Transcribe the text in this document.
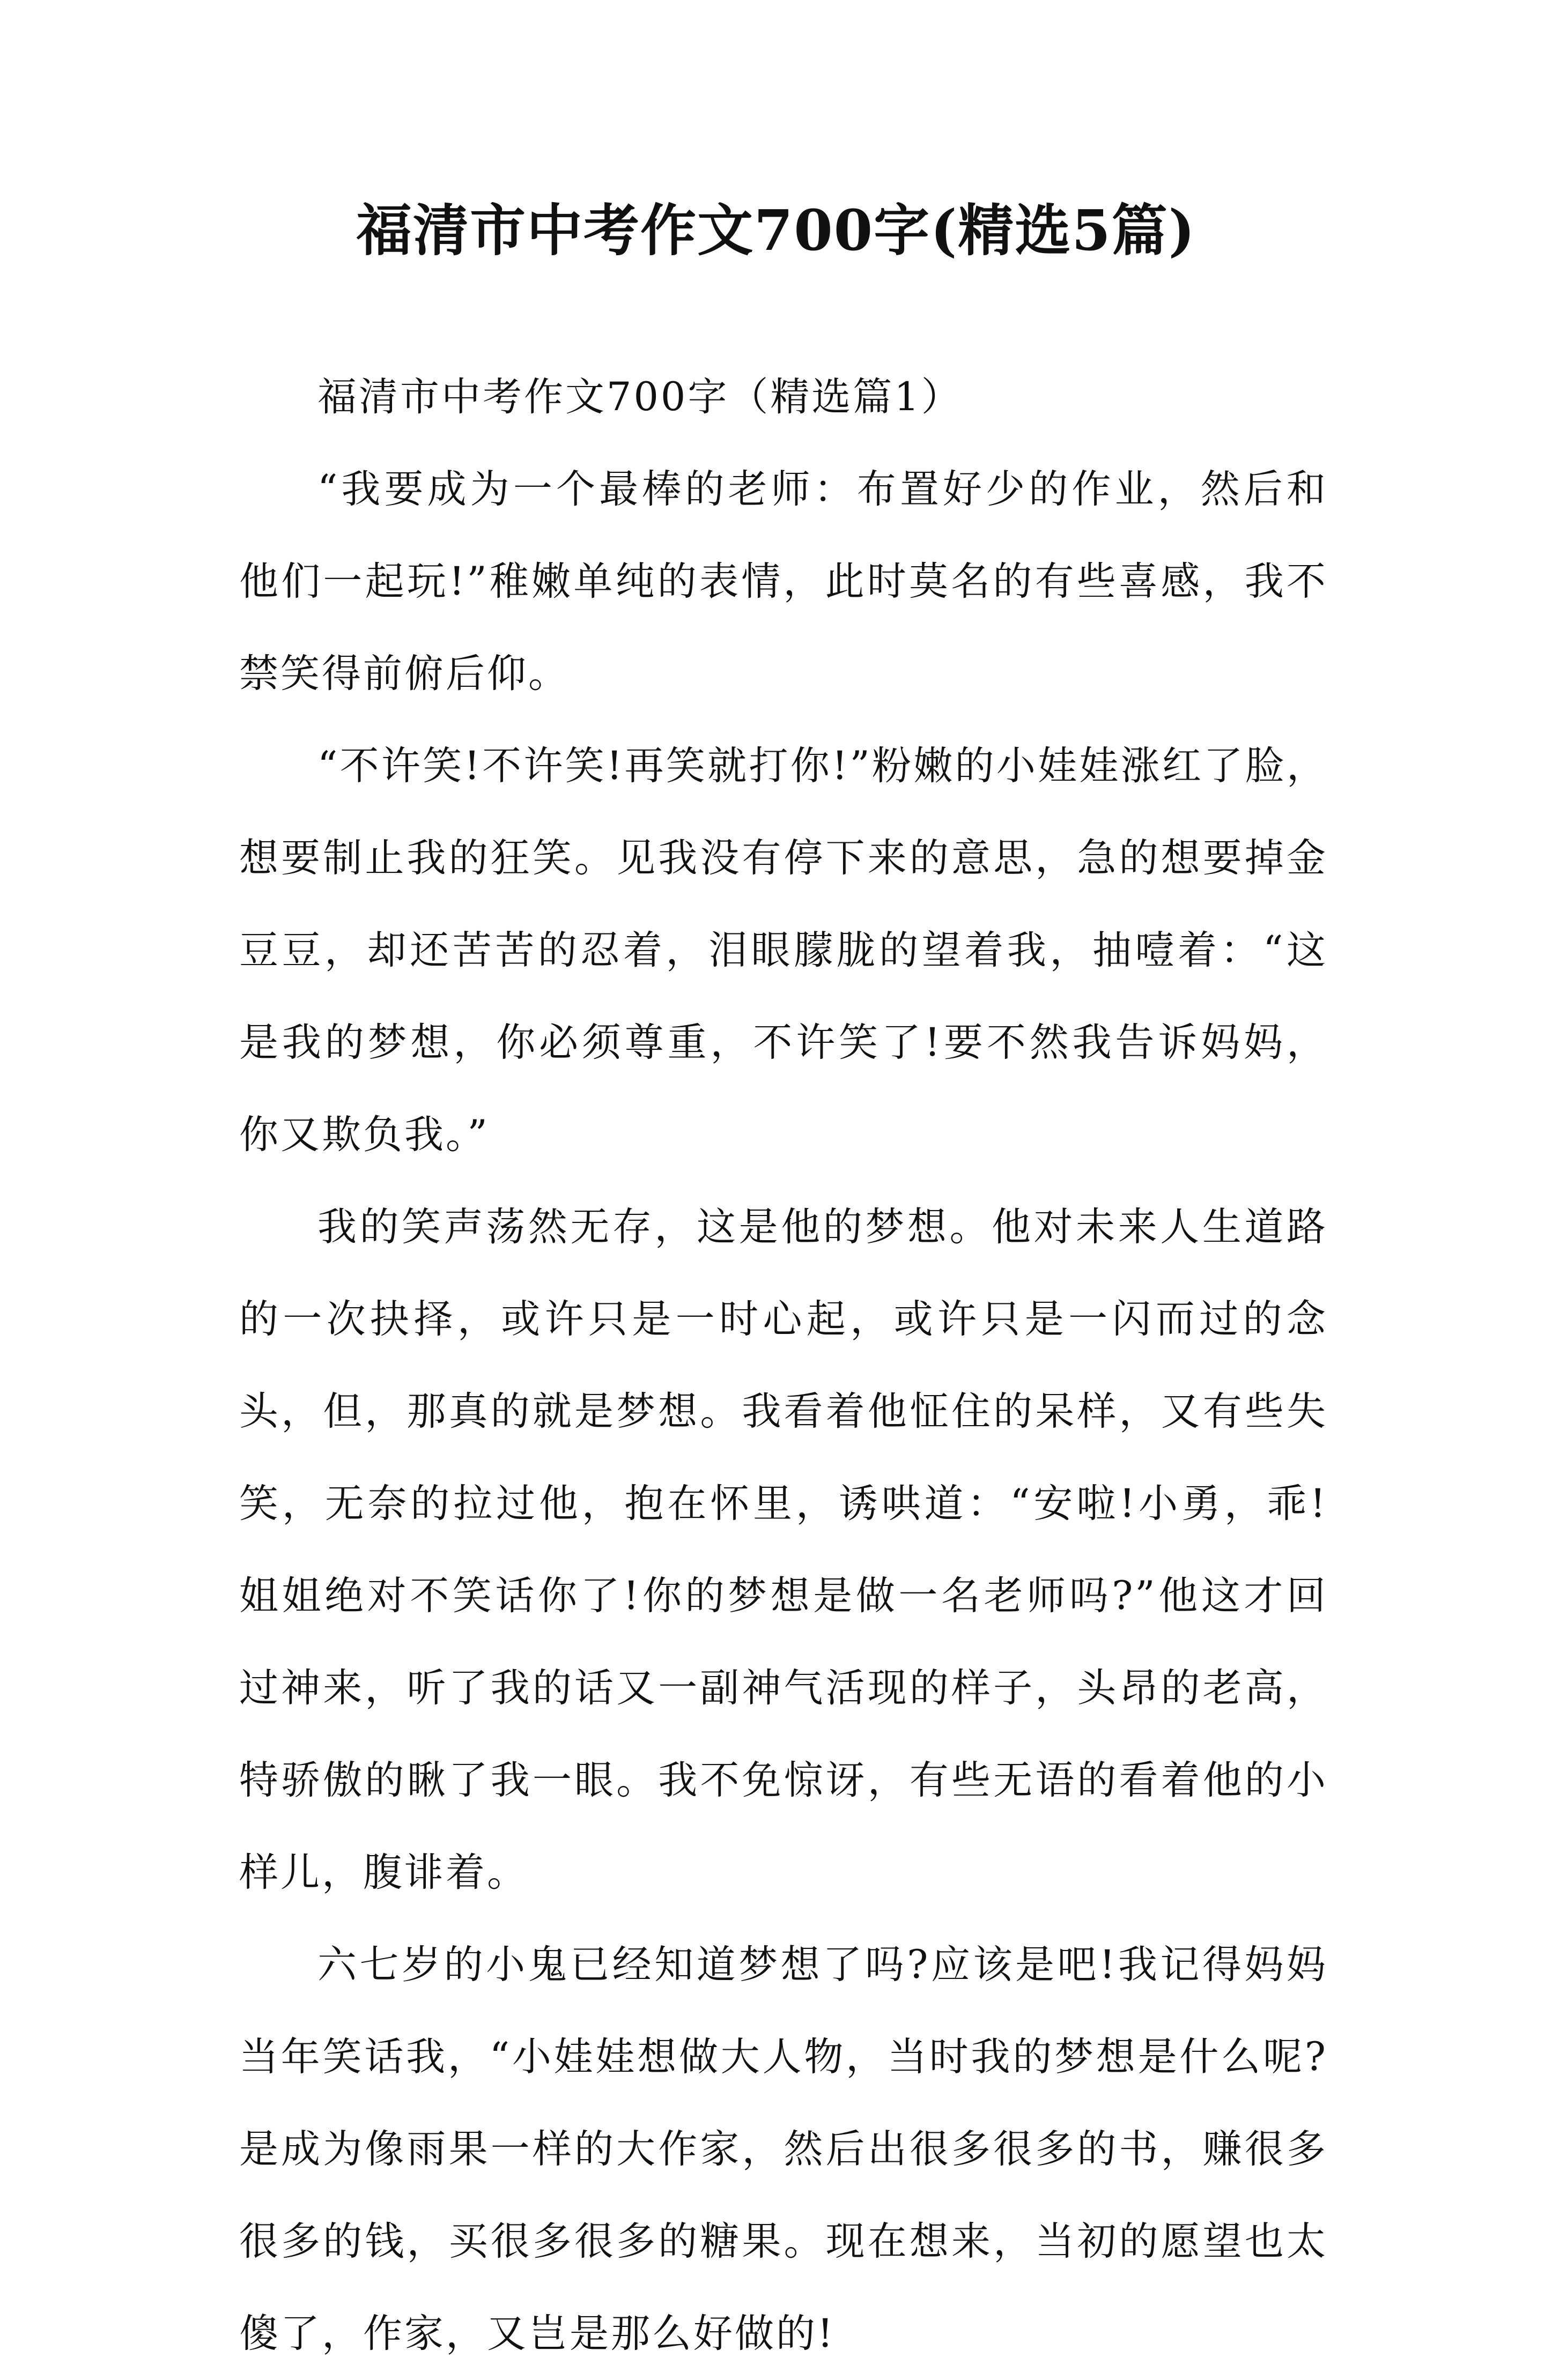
福清市中考作文700字(精选5篇)
福清市中考作文700字（精选篇1）

“我要成为一个最棒的老师：布置好少的作业，然后和他们一起玩!”稚嫩单纯的表情，此时莫名的有些喜感，我不禁笑得前俯后仰。

“不许笑!不许笑!再笑就打你!”粉嫩的小娃娃涨红了脸，想要制止我的狂笑。见我没有停下来的意思，急的想要掉金豆豆，却还苦苦的忍着，泪眼朦胧的望着我，抽噎着：“这是我的梦想，你必须尊重，不许笑了!要不然我告诉妈妈，你又欺负我。”

我的笑声荡然无存，这是他的梦想。他对未来人生道路的一次抉择，或许只是一时心起，或许只是一闪而过的念头，但，那真的就是梦想。我看着他怔住的呆样，又有些失笑，无奈的拉过他，抱在怀里，诱哄道：“安啦!小勇，乖!姐姐绝对不笑话你了!你的梦想是做一名老师吗?”他这才回过神来，听了我的话又一副神气活现的样子，头昂的老高，特骄傲的瞅了我一眼。我不免惊讶，有些无语的看着他的小样儿，腹诽着。

六七岁的小鬼已经知道梦想了吗?应该是吧!我记得妈妈当年笑话我，“小娃娃想做大人物，当时我的梦想是什么呢?是成为像雨果一样的大作家，然后出很多很多的书，赚很多很多的钱，买很多很多的糖果。现在想来，当初的愿望也太傻了，作家，又岂是那么好做的!
